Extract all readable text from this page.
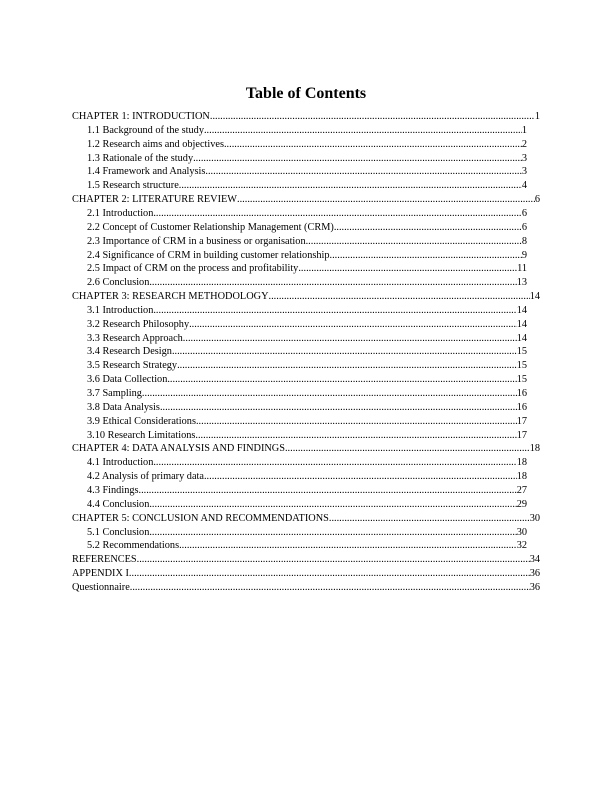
Table of Contents
CHAPTER 1: INTRODUCTION .....	1
1.1 Background of the study .....	1
1.2 Research aims and objectives .....	2
1.3 Rationale of the study .....	3
1.4 Framework and Analysis .....	3
1.5 Research structure .....	4
CHAPTER 2: LITERATURE REVIEW .....	6
2.1 Introduction .....	6
2.2 Concept of Customer Relationship Management (CRM) .....	6
2.3 Importance of CRM in a business or organisation .....	8
2.4 Significance of CRM in building customer relationship .....	9
2.5 Impact of CRM on the process and profitability .....	11
2.6 Conclusion .....	13
CHAPTER 3: RESEARCH METHODOLOGY .....	14
3.1 Introduction .....	14
3.2 Research Philosophy .....	14
3.3 Research Approach .....	14
3.4 Research Design .....	15
3.5 Research Strategy .....	15
3.6 Data Collection .....	15
3.7 Sampling .....	16
3.8 Data Analysis .....	16
3.9 Ethical Considerations .....	17
3.10 Research Limitations .....	17
CHAPTER 4: DATA ANALYSIS AND FINDINGS .....	18
4.1 Introduction .....	18
4.2 Analysis of primary data .....	18
4.3 Findings .....	27
4.4 Conclusion .....	29
CHAPTER 5: CONCLUSION AND RECOMMENDATIONS .....	30
5.1 Conclusion .....	30
5.2 Recommendations .....	32
REFERENCES .....	34
APPENDIX I .....	36
Questionnaire .....	36
